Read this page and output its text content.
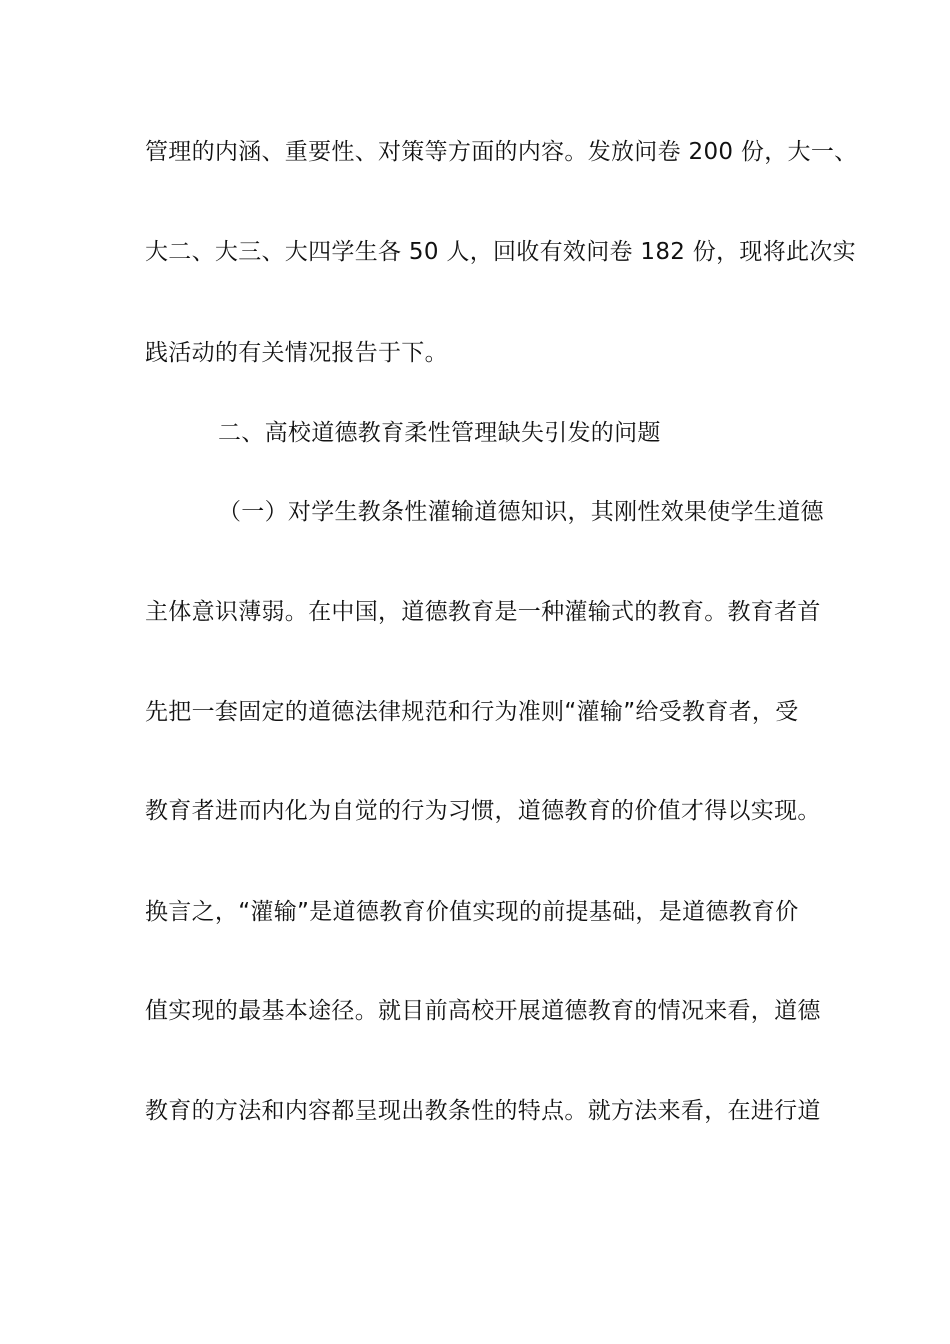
管理的内涵、重要性、对策等方面的内容。发放问卷 200 份，大一、
大二、大三、大四学生各 50 人，回收有效问卷 182 份，现将此次实
践活动的有关情况报告于下。
二、高校道德教育柔性管理缺失引发的问题
（一）对学生教条性灌输道德知识，其刚性效果使学生道德
主体意识薄弱。在中国，道德教育是一种灌输式的教育。教育者首
先把一套固定的道德法律规范和行为准则“灌输”给受教育者，受
教育者进而内化为自觉的行为习惯，道德教育的价值才得以实现。
换言之，“灌输”是道德教育价值实现的前提基础，是道德教育价
值实现的最基本途径。就目前高校开展道德教育的情况来看，道德
教育的方法和内容都呈现出教条性的特点。就方法来看，在进行道
